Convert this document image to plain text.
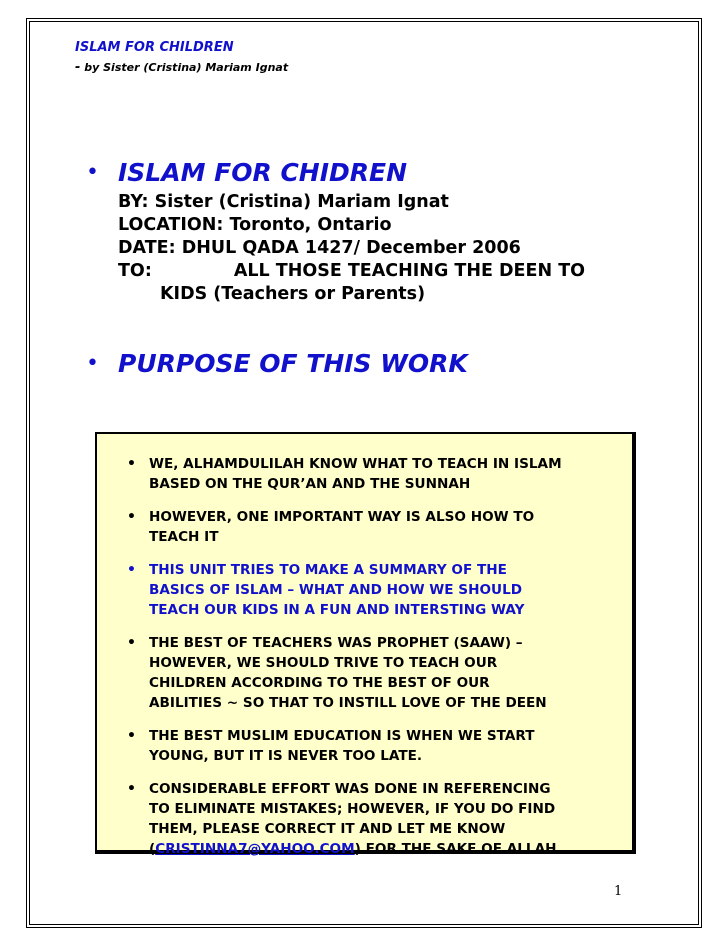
ISLAM FOR CHILDREN
- by Sister (Cristina) Mariam Ignat
• ISLAM FOR CHIDREN
BY: Sister (Cristina) Mariam Ignat
LOCATION: Toronto, Ontario
DATE: DHUL QADA 1427/ December 2006
TO:	ALL THOSE TEACHING THE DEEN TO
KIDS (Teachers or Parents)
• PURPOSE OF THIS WORK
• WE, ALHAMDULILAH KNOW WHAT TO TEACH IN ISLAM
BASED ON THE QUR’AN AND THE SUNNAH
• HOWEVER, ONE IMPORTANT WAY IS ALSO HOW TO
TEACH IT
• THIS UNIT TRIES TO MAKE A SUMMARY OF THE
BASICS OF ISLAM – WHAT AND HOW WE SHOULD
TEACH OUR KIDS IN A FUN AND INTERSTING WAY
• THE BEST OF TEACHERS WAS PROPHET (SAAW) –
HOWEVER, WE SHOULD TRIVE TO TEACH OUR
CHILDREN ACCORDING TO THE BEST OF OUR
ABILITIES ~ SO THAT TO INSTILL LOVE OF THE DEEN
• THE BEST MUSLIM EDUCATION IS WHEN WE START
YOUNG, BUT IT IS NEVER TOO LATE.
• CONSIDERABLE EFFORT WAS DONE IN REFERENCING
TO ELIMINATE MISTAKES; HOWEVER, IF YOU DO FIND
THEM, PLEASE CORRECT IT AND LET ME KNOW
(CRISTINNA7@YAHOO.COM) FOR THE SAKE OF ALLAH.
1
